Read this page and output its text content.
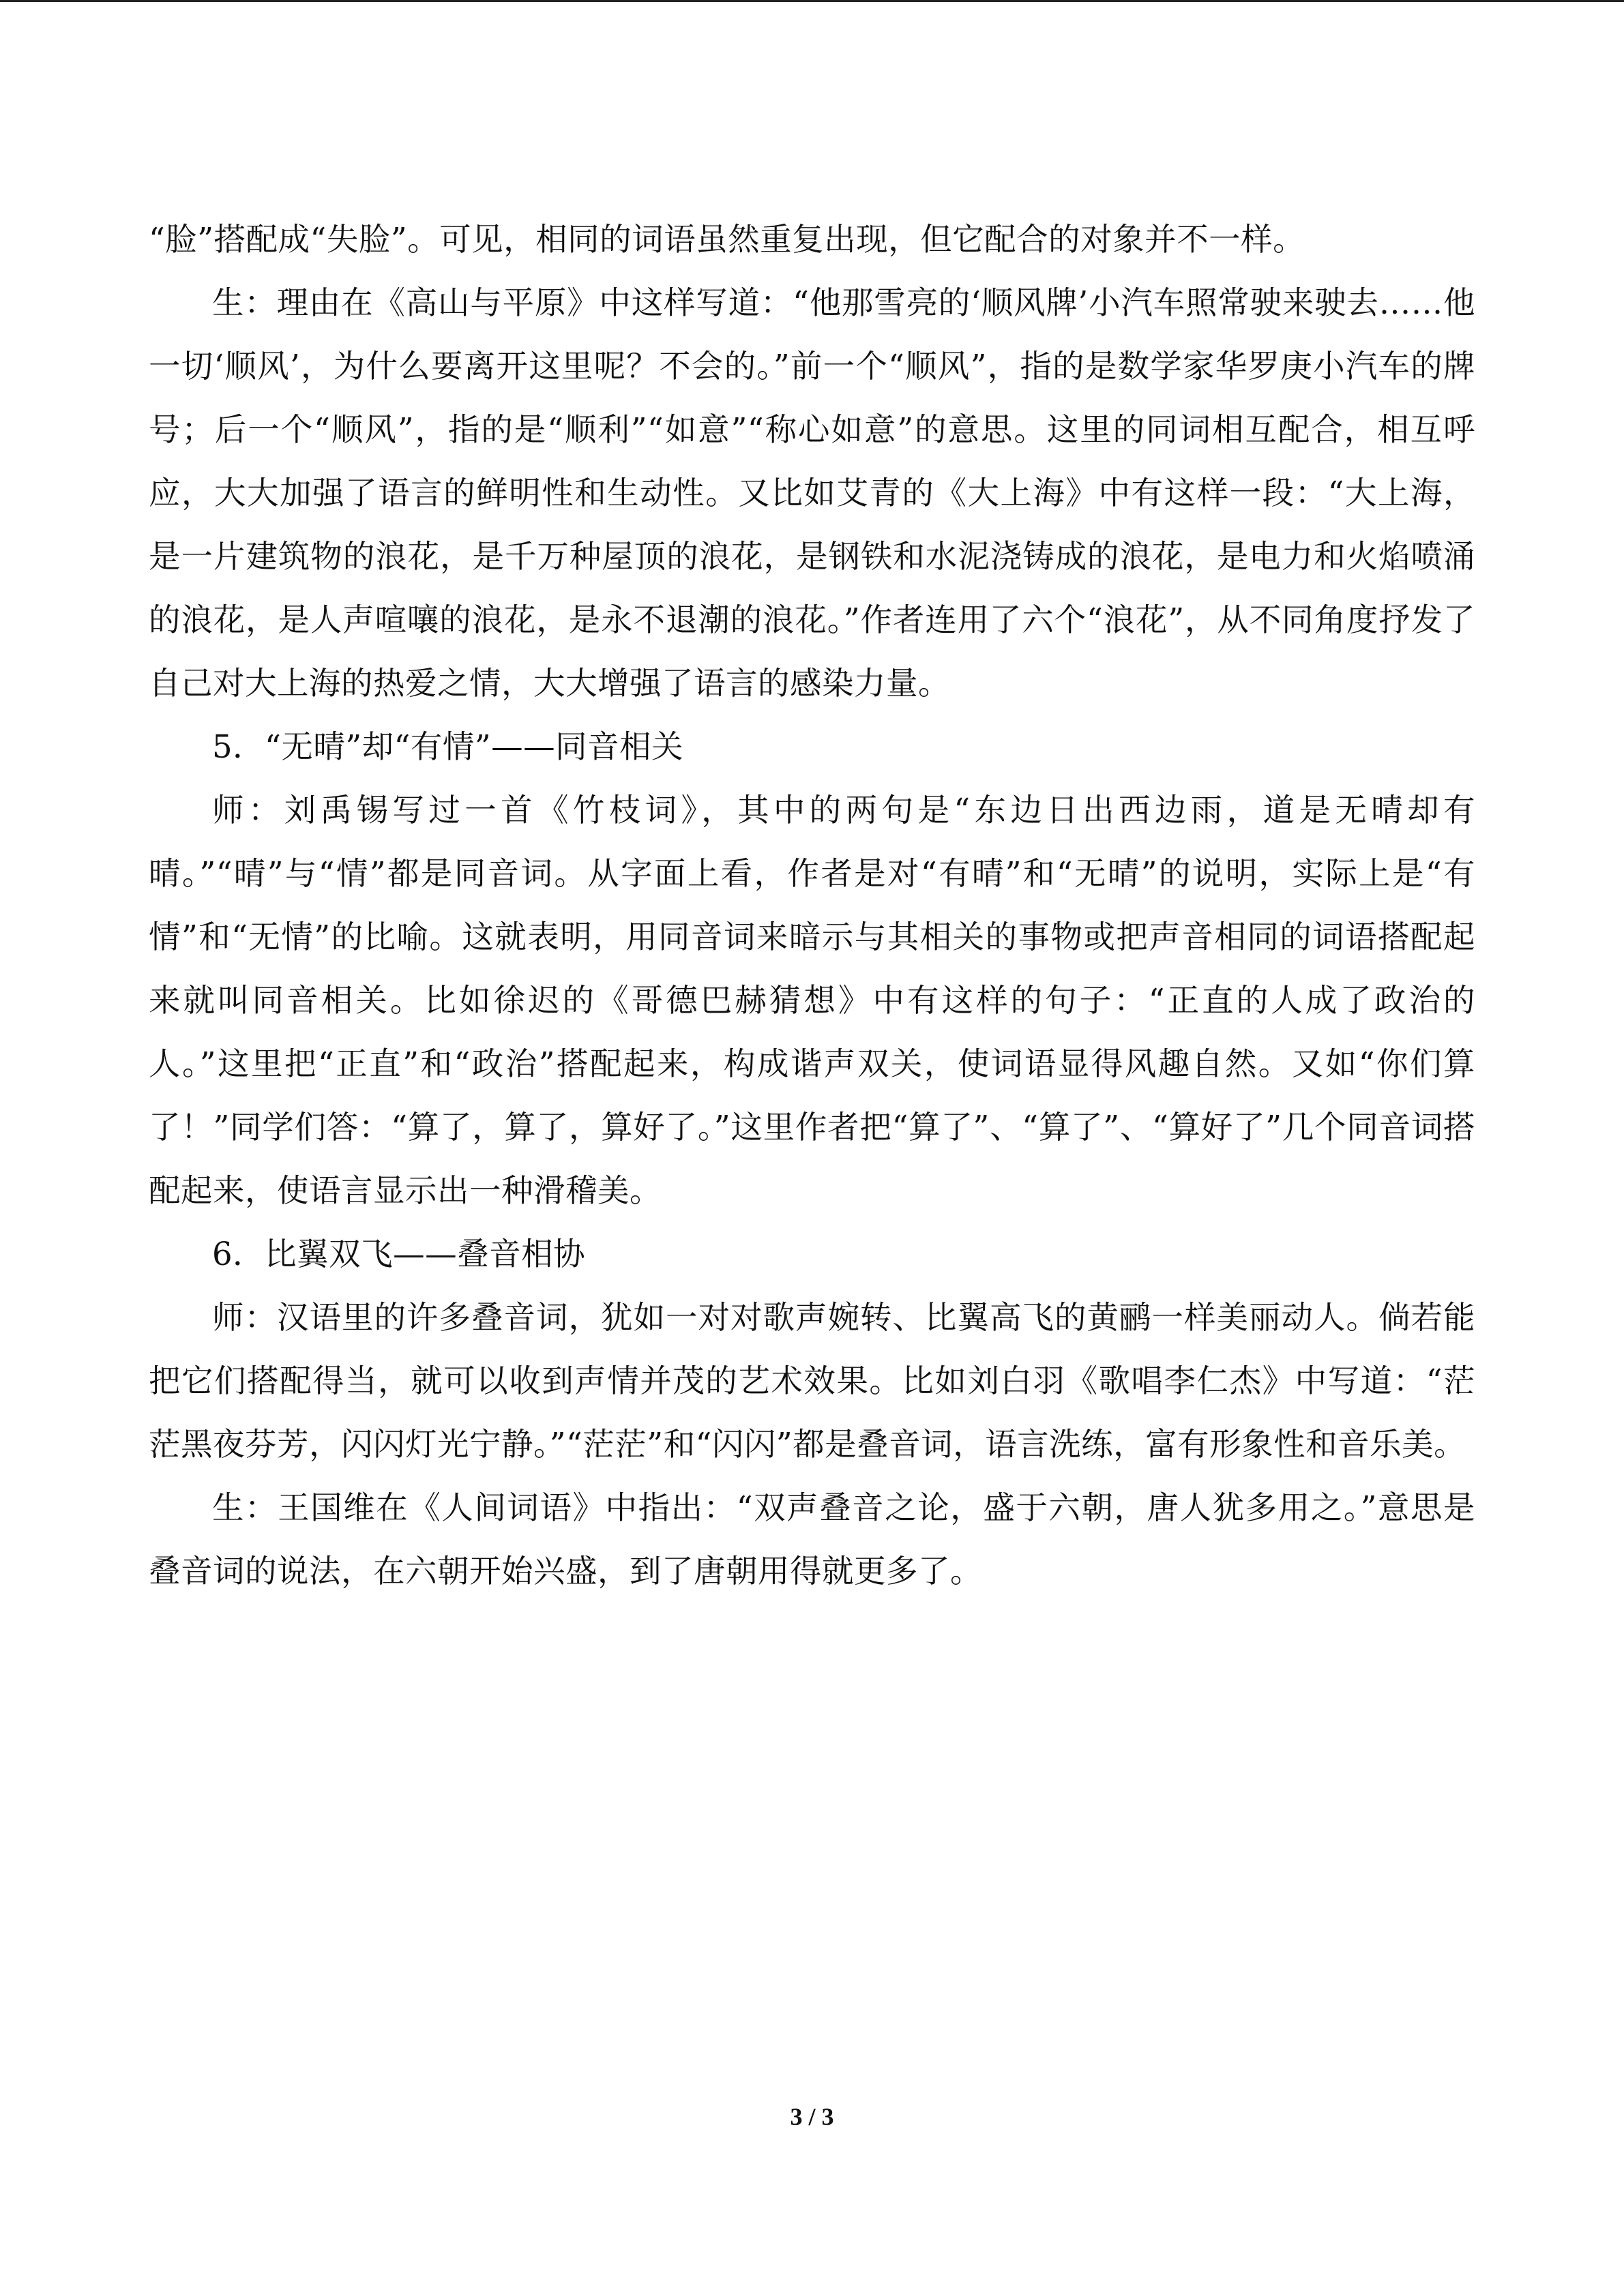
“脸”搭配成“失脸”。可见，相同的词语虽然重复出现，但它配合的对象并不一样。

生：理由在《高山与平原》中这样写道：“他那雪亮的‘顺风牌’小汽车照常驶来驶去……他一切‘顺风’，为什么要离开这里呢？不会的。”前一个“顺风”，指的是数学家华罗庚小汽车的牌号；后一个“顺风”，指的是“顺利”“如意”“称心如意”的意思。这里的同词相互配合，相互呼应，大大加强了语言的鲜明性和生动性。又比如艾青的《大上海》中有这样一段：“大上海，是一片建筑物的浪花，是千万种屋顶的浪花，是钢铁和水泥浇铸成的浪花，是电力和火焰喷涌的浪花，是人声喧嚷的浪花，是永不退潮的浪花。”作者连用了六个“浪花”，从不同角度抒发了自己对大上海的热爱之情，大大增强了语言的感染力量。

5．“无晴”却“有情”——同音相关

师：刘禹锡写过一首《竹枝词》，其中的两句是“东边日出西边雨，道是无晴却有晴。”“晴”与“情”都是同音词。从字面上看，作者是对“有晴”和“无晴”的说明，实际上是“有情”和“无情”的比喻。这就表明，用同音词来暗示与其相关的事物或把声音相同的词语搭配起来就叫同音相关。比如徐迟的《哥德巴赫猜想》中有这样的句子：“正直的人成了政治的人。”这里把“正直”和“政治”搭配起来，构成谐声双关，使词语显得风趣自然。又如“你们算了！”同学们答：“算了，算了，算好了。”这里作者把“算了”、“算了”、“算好了”几个同音词搭配起来，使语言显示出一种滑稽美。

6．比翼双飞——叠音相协

师：汉语里的许多叠音词，犹如一对对歌声婉转、比翼高飞的黄鹂一样美丽动人。倘若能把它们搭配得当，就可以收到声情并茂的艺术效果。比如刘白羽《歌唱李仁杰》中写道：“茫茫黑夜芬芳，闪闪灯光宁静。”“茫茫”和“闪闪”都是叠音词，语言洗练，富有形象性和音乐美。

生：王国维在《人间词语》中指出：“双声叠音之论，盛于六朝，唐人犹多用之。”意思是叠音词的说法，在六朝开始兴盛，到了唐朝用得就更多了。

3 / 3
